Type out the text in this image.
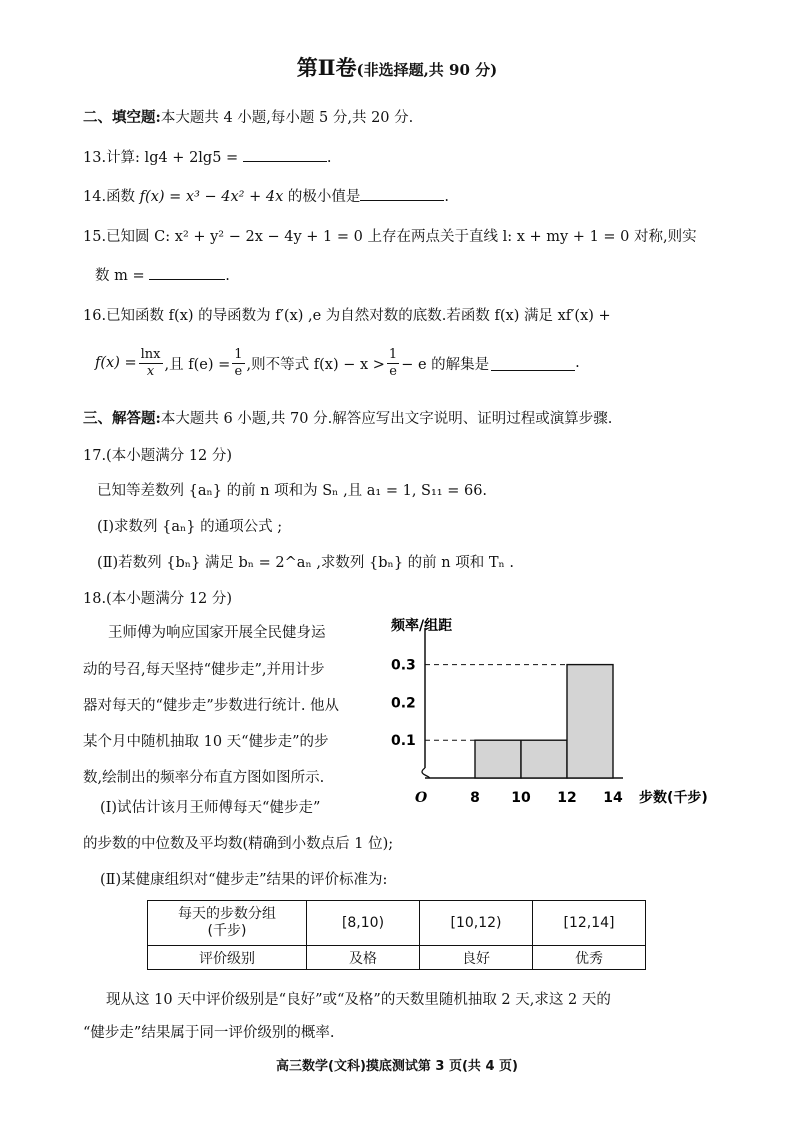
第Ⅱ卷(非选择题,共 90 分)
二、填空题:本大题共 4 小题,每小题 5 分,共 20 分.
13.计算: lg4 + 2lg5 =	.
14.函数 f(x) = x³ − 4x² + 4x 的极小值是	.
15.已知圆 C: x² + y² − 2x − 4y + 1 = 0 上存在两点关于直线 l: x + my + 1 = 0 对称,则实
数 m =	.
16.已知函数 f(x) 的导函数为 f′(x) ,e 为自然对数的底数.若函数 f(x) 满足 xf′(x) +
$f(x) = \frac{\ln x}{x}$ ,且 $f(e) = \frac{1}{e}$ ,则不等式 $f(x) - x > \frac{1}{e} - e$ 的解集是	.
三、解答题:本大题共 6 小题,共 70 分.解答应写出文字说明、证明过程或演算步骤.
17.(本小题满分 12 分)
已知等差数列 {aₙ} 的前 n 项和为 Sₙ ,且 a₁ = 1, S₁₁ = 66.
(Ⅰ)求数列 {aₙ} 的通项公式 ;
(Ⅱ)若数列 {bₙ} 满足 bₙ = 2^aₙ ,求数列 {bₙ} 的前 n 项和 Tₙ .
18.(本小题满分 12 分)
王师傅为响应国家开展全民健身运
动的号召,每天坚持“健步走”,并用计步
器对每天的“健步走”步数进行统计. 他从
某个月中随机抽取 10 天“健步走”的步
数,绘制出的频率分布直方图如图所示.
(Ⅰ)试估计该月王师傅每天“健步走”
的步数的中位数及平均数(精确到小数点后 1 位);
(Ⅱ)某健康组织对“健步走”结果的评价标准为:
频率/组距
步数(千步)
O
0.1
0.2
0.3
8 10 12 14
每天的步数分组
(千步)	[8,10)	[10,12)	[12,14]
评价级别	及格	良好	优秀
现从这 10 天中评价级别是“良好”或“及格”的天数里随机抽取 2 天,求这 2 天的
“健步走”结果属于同一评价级别的概率.
高三数学(文科)摸底测试第 3 页(共 4 页)
